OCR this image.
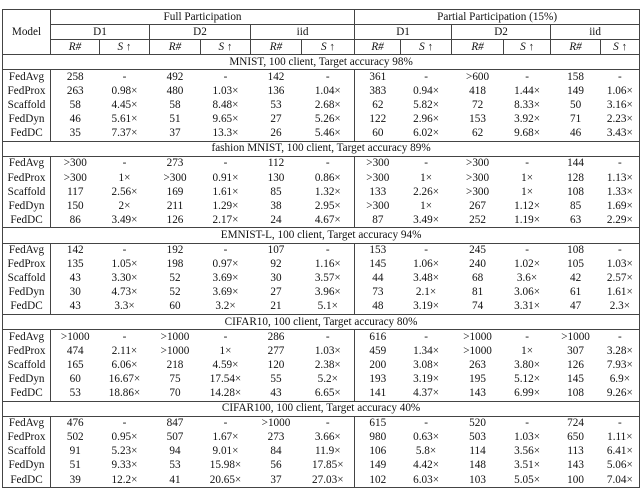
Model	Full Participation						Partial Participation (15%)					
	D1		D2		iid		D1		D2		iid	
	R#	S ↑	R#	S ↑	R#	S ↑	R#	S ↑	R#	S ↑	R#	S ↑
MNIST, 100 client, Target accuracy 98%												
FedAvg	258	-	492	-	142	-	361	-	>600	-	158	-
FedProx	263	0.98×	480	1.03×	136	1.04×	383	0.94×	418	1.44×	149	1.06×
Scaffold	58	4.45×	58	8.48×	53	2.68×	62	5.82×	72	8.33×	50	3.16×
FedDyn	46	5.61×	51	9.65×	27	5.26×	122	2.96×	153	3.92×	71	2.23×
FedDC	35	7.37×	37	13.3×	26	5.46×	60	6.02×	62	9.68×	46	3.43×
fashion MNIST, 100 client, Target accuracy 89%												
FedAvg	>300	-	273	-	112	-	>300	-	>300	-	144	-
FedProx	>300	1×	>300	0.91×	130	0.86×	>300	1×	>300	1×	128	1.13×
Scaffold	117	2.56×	169	1.61×	85	1.32×	133	2.26×	>300	1×	108	1.33×
FedDyn	150	2×	211	1.29×	38	2.95×	>300	1×	267	1.12×	85	1.69×
FedDC	86	3.49×	126	2.17×	24	4.67×	87	3.49×	252	1.19×	63	2.29×
EMNIST-L, 100 client, Target accuracy 94%												
FedAvg	142	-	192	-	107	-	153	-	245	-	108	-
FedProx	135	1.05×	198	0.97×	92	1.16×	145	1.06×	240	1.02×	105	1.03×
Scaffold	43	3.30×	52	3.69×	30	3.57×	44	3.48×	68	3.6×	42	2.57×
FedDyn	30	4.73×	52	3.69×	27	3.96×	73	2.1×	81	3.06×	61	1.61×
FedDC	43	3.3×	60	3.2×	21	5.1×	48	3.19×	74	3.31×	47	2.3×
CIFAR10, 100 client, Target accuracy 80%												
FedAvg	>1000	-	>1000	-	286	-	616	-	>1000	-	>1000	-
FedProx	474	2.11×	>1000	1×	277	1.03×	459	1.34×	>1000	1×	307	3.28×
Scaffold	165	6.06×	218	4.59×	120	2.38×	200	3.08×	263	3.80×	126	7.93×
FedDyn	60	16.67×	75	17.54×	55	5.2×	193	3.19×	195	5.12×	145	6.9×
FedDC	53	18.86×	70	14.28×	43	6.65×	141	4.37×	143	6.99×	108	9.26×
CIFAR100, 100 client, Target accuracy 40%												
FedAvg	476	-	847	-	>1000	-	615	-	520	-	724	-
FedProx	502	0.95×	507	1.67×	273	3.66×	980	0.63×	503	1.03×	650	1.11×
Scaffold	91	5.23×	94	9.01×	84	11.9×	106	5.8×	114	3.56×	113	6.41×
FedDyn	51	9.33×	53	15.98×	56	17.85×	149	4.42×	148	3.51×	143	5.06×
FedDC	39	12.2×	41	20.65×	37	27.03×	102	6.03×	103	5.05×	100	7.04×
